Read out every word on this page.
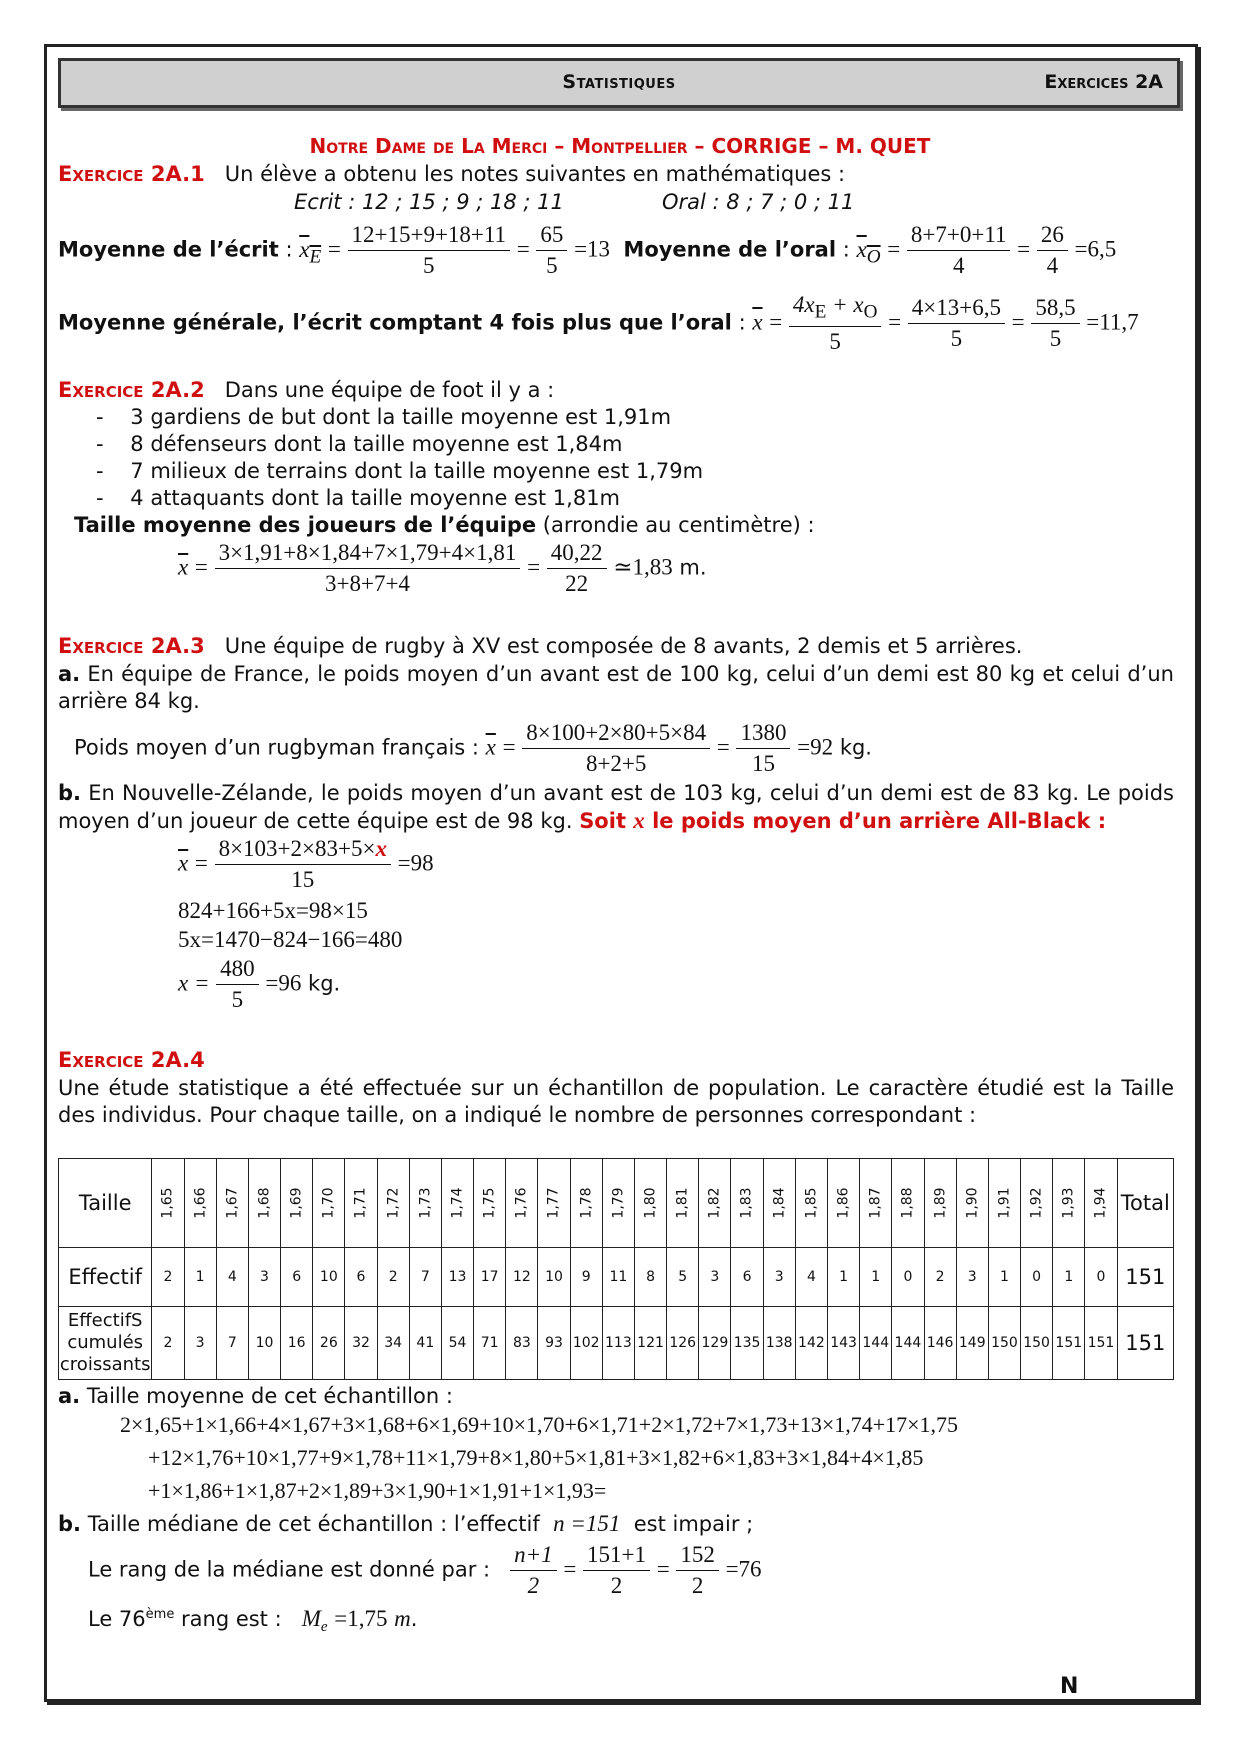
Statistiques	Exercices 2A
Notre Dame de La Merci – Montpellier – CORRIGE – M. QUET
Exercice 2A.1 Un élève a obtenu les notes suivantes en mathématiques :
Ecrit : 12 ; 15 ; 9 ; 18 ; 11	Oral : 8 ; 7 ; 0 ; 11
Moyenne de l’écrit : $x_E = \frac{12+15+9+18+11}{5} = \frac{65}{5} =13$ Moyenne de l’oral : $x_O = \frac{8+7+0+11}{4} = \frac{26}{4} =6,5$
Moyenne générale, l’écrit comptant 4 fois plus que l’oral : $\overline{x} = \frac{4x_E + x_O}{5} = \frac{4\times 13+6,5}{5} = \frac{58,5}{5} =11,7$
Exercice 2A.2 Dans une équipe de foot il y a :
- 3 gardiens de but dont la taille moyenne est 1,91m
- 8 défenseurs dont la taille moyenne est 1,84m
- 7 milieux de terrains dont la taille moyenne est 1,79m
- 4 attaquants dont la taille moyenne est 1,81m
Taille moyenne des joueurs de l’équipe (arrondie au centimètre) :
$\overline{x} = \frac{3\times 1,91+8\times 1,84+7\times 1,79+4\times 1,81}{3+8+7+4} = \frac{40,22}{22}$ ≃1,83 m.
Exercice 2A.3 Une équipe de rugby à XV est composée de 8 avants, 2 demis et 5 arrières.
a. En équipe de France, le poids moyen d’un avant est de 100 kg, celui d’un demi est 80 kg et celui d’un arrière 84 kg.
Poids moyen d’un rugbyman français : $\overline{x} = \frac{8\times 100+2\times 80+5\times 84}{8+2+5} = \frac{1380}{15} =92$ kg.
b. En Nouvelle-Zélande, le poids moyen d’un avant est de 103 kg, celui d’un demi est de 83 kg. Le poids moyen d’un joueur de cette équipe est de 98 kg. Soit x le poids moyen d’un arrière All-Black :
$\overline{x} = \frac{8\times 103+2\times 83+5\times x}{15} =98$
824+166+5x=98×15
5x=1470−824−166=480
$x = \frac{480}{5} =96$ kg.
Exercice 2A.4
Une étude statistique a été effectuée sur un échantillon de population. Le caractère étudié est la Taille des individus. Pour chaque taille, on a indiqué le nombre de personnes correspondant :
Taille	1,65	1,66	1,67	1,68	1,69	1,70	1,71	1,72	1,73	1,74	1,75	1,76	1,77	1,78	1,79	1,80	1,81	1,82	1,83	1,84	1,85	1,86	1,87	1,88	1,89	1,90	1,91	1,92	1,93	1,94	Total
Effectif	2	1	4	3	6	10	6	2	7	13	17	12	10	9	11	8	5	3	6	3	4	1	1	0	2	3	1	0	1	0	151
EffectifS cumulés croissants	2	3	7	10	16	26	32	34	41	54	71	83	93	102	113	121	126	129	135	138	142	143	144	144	146	149	150	150	151	151	151
a. Taille moyenne de cet échantillon :
2×1,65+1×1,66+4×1,67+3×1,68+6×1,69+10×1,70+6×1,71+2×1,72+7×1,73+13×1,74+17×1,75
+12×1,76+10×1,77+9×1,78+11×1,79+8×1,80+5×1,81+3×1,82+6×1,83+3×1,84+4×1,85
+1×1,86+1×1,87+2×1,89+3×1,90+1×1,91+1×1,93=
b. Taille médiane de cet échantillon : l’effectif n =151 est impair ;
Le rang de la médiane est donné par : $\frac{n+1}{2} = \frac{151+1}{2} = \frac{152}{2} =76$
Le 76ème rang est : $M_e =1,75$ m.
N
